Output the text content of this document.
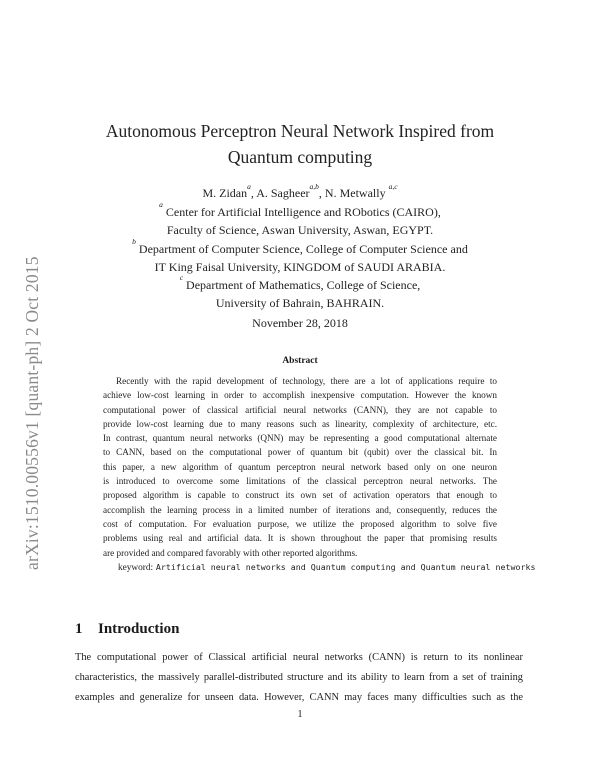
arXiv:1510.00556v1 [quant-ph] 2 Oct 2015
Autonomous Perceptron Neural Network Inspired from
Quantum computing
M. Zidan$^a$, A. Sagheer$^{a,b}$, N. Metwally $^{a,c}$
$^a$ Center for Artificial Intelligence and RObotics (CAIRO),
Faculty of Science, Aswan University, Aswan, EGYPT.
$^b$ Department of Computer Science, College of Computer Science and
IT King Faisal University, KINGDOM of SAUDI ARABIA.
$^c$ Department of Mathematics, College of Science,
University of Bahrain, BAHRAIN.
November 28, 2018
Abstract
Recently with the rapid development of technology, there are a lot of applications require to
achieve low-cost learning in order to accomplish inexpensive computation. However the known
computational power of classical artificial neural networks (CANN), they are not capable to
provide low-cost learning due to many reasons such as linearity, complexity of architecture, etc.
In contrast, quantum neural networks (QNN) may be representing a good computational alternate
to CANN, based on the computational power of quantum bit (qubit) over the classical bit. In
this paper, a new algorithm of quantum perceptron neural network based only on one neuron
is introduced to overcome some limitations of the classical perceptron neural networks. The
proposed algorithm is capable to construct its own set of activation operators that enough to
accomplish the learning process in a limited number of iterations and, consequently, reduces the
cost of computation. For evaluation purpose, we utilize the proposed algorithm to solve five
problems using real and artificial data. It is shown throughout the paper that promising results
are provided and compared favorably with other reported algorithms.
keyword: Artificial neural networks and Quantum computing and Quantum neural networks
1 Introduction
The computational power of Classical artificial neural networks (CANN) is return to its nonlinear
characteristics, the massively parallel-distributed structure and its ability to learn from a set of training
examples and generalize for unseen data. However, CANN may faces many difficulties such as the
1
